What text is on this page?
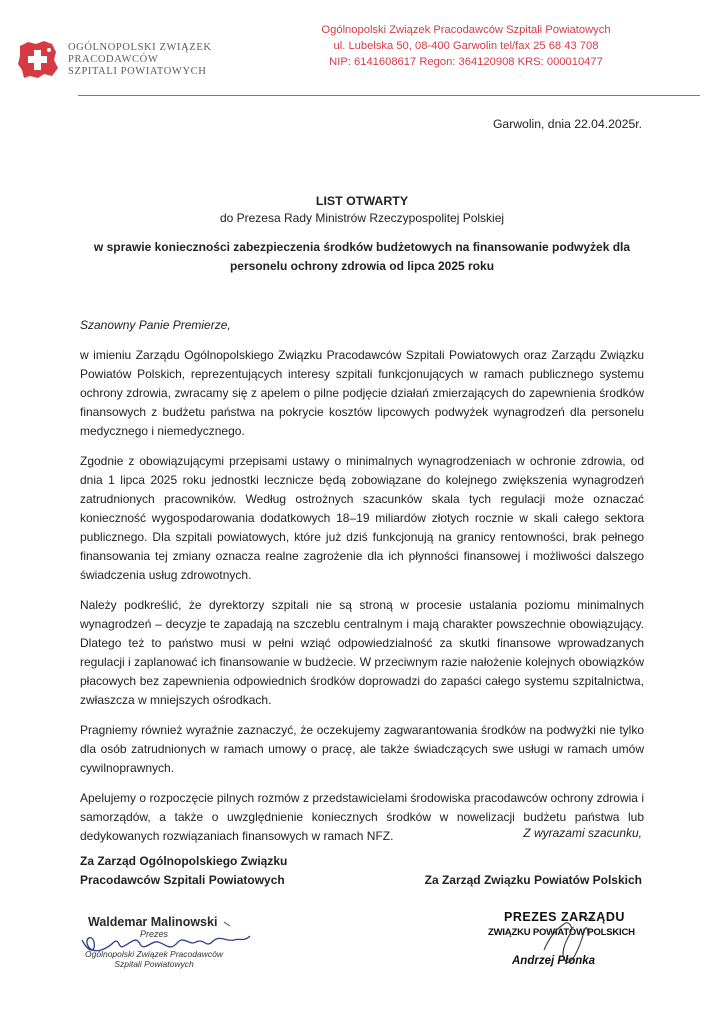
OGÓLNOPOLSKI ZWIĄZEK
PRACODAWCÓW
SZPITALI POWIATOWYCH
Ogólnopolski Związek Pracodawców Szpitali Powiatowych
ul. Lubelska 50, 08-400 Garwolin tel/fax 25 68 43 708
NIP: 6141608617 Regon: 364120908 KRS: 000010477
Garwolin, dnia 22.04.2025r.
LIST OTWARTY
do Prezesa Rady Ministrów Rzeczypospolitej Polskiej
w sprawie konieczności zabezpieczenia środków budżetowych na finansowanie podwyżek dla personelu ochrony zdrowia od lipca 2025 roku
Szanowny Panie Premierze,

w imieniu Zarządu Ogólnopolskiego Związku Pracodawców Szpitali Powiatowych oraz Zarządu Związku Powiatów Polskich, reprezentujących interesy szpitali funkcjonujących w ramach publicznego systemu ochrony zdrowia, zwracamy się z apelem o pilne podjęcie działań zmierzających do zapewnienia środków finansowych z budżetu państwa na pokrycie kosztów lipcowych podwyżek wynagrodzeń dla personelu medycznego i niemedycznego.

Zgodnie z obowiązującymi przepisami ustawy o minimalnych wynagrodzeniach w ochronie zdrowia, od dnia 1 lipca 2025 roku jednostki lecznicze będą zobowiązane do kolejnego zwiększenia wynagrodzeń zatrudnionych pracowników. Według ostrożnych szacunków skala tych regulacji może oznaczać konieczność wygospodarowania dodatkowych 18–19 miliardów złotych rocznie w skali całego sektora publicznego. Dla szpitali powiatowych, które już dziś funkcjonują na granicy rentowności, brak pełnego finansowania tej zmiany oznacza realne zagrożenie dla ich płynności finansowej i możliwości dalszego świadczenia usług zdrowotnych.

Należy podkreślić, że dyrektorzy szpitali nie są stroną w procesie ustalania poziomu minimalnych wynagrodzeń – decyzje te zapadają na szczeblu centralnym i mają charakter powszechnie obowiązujący. Dlatego też to państwo musi w pełni wziąć odpowiedzialność za skutki finansowe wprowadzanych regulacji i zaplanować ich finansowanie w budżecie. W przeciwnym razie nałożenie kolejnych obowiązków płacowych bez zapewnienia odpowiednich środków doprowadzi do zapaści całego systemu szpitalnictwa, zwłaszcza w mniejszych ośrodkach.

Pragniemy również wyraźnie zaznaczyć, że oczekujemy zagwarantowania środków na podwyżki nie tylko dla osób zatrudnionych w ramach umowy o pracę, ale także świadczących swe usługi w ramach umów cywilnoprawnych.

Apelujemy o rozpoczęcie pilnych rozmów z przedstawicielami środowiska pracodawców ochrony zdrowia i samorządów, a także o uwzględnienie koniecznych środków w nowelizacji budżetu państwa lub dedykowanych rozwiązaniach finansowych w ramach NFZ.	Z wyrazami szacunku,
Za Zarząd Ogólnopolskiego Związku
Pracodawców Szpitali Powiatowych	Za Zarząd Związku Powiatów Polskich
Waldemar Malinowski
Prezes
Ogólnopolski Związek Pracodawców
Szpitali Powiatowych
PREZES ZARZĄDU
ZWIĄZKU POWIATÓW POLSKICH
Andrzej Płonka
